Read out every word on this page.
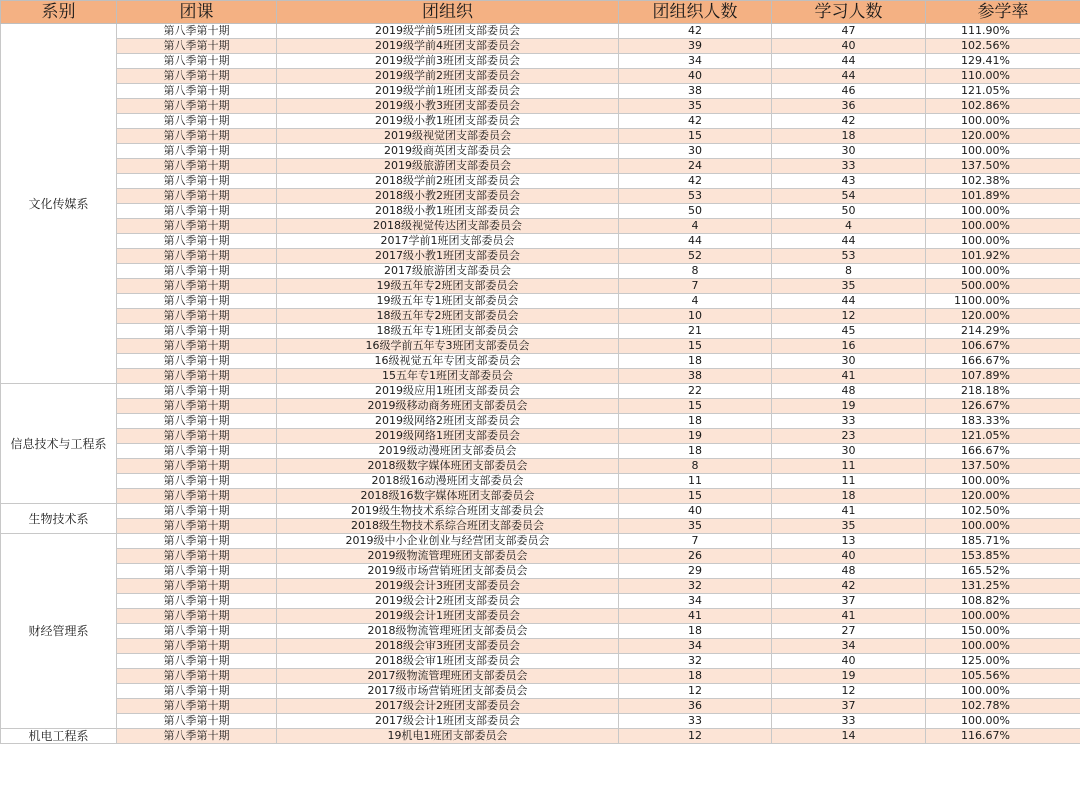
系别	团课	团组织	团组织人数	学习人数	参学率
文化传媒系	第八季第十期	2019级学前5班团支部委员会	42	47	111.90%
	第八季第十期	2019级学前4班团支部委员会	39	40	102.56%
	第八季第十期	2019级学前3班团支部委员会	34	44	129.41%
	第八季第十期	2019级学前2班团支部委员会	40	44	110.00%
	第八季第十期	2019级学前1班团支部委员会	38	46	121.05%
	第八季第十期	2019级小教3班团支部委员会	35	36	102.86%
	第八季第十期	2019级小教1班团支部委员会	42	42	100.00%
	第八季第十期	2019级视觉团支部委员会	15	18	120.00%
	第八季第十期	2019级商英团支部委员会	30	30	100.00%
	第八季第十期	2019级旅游团支部委员会	24	33	137.50%
	第八季第十期	2018级学前2班团支部委员会	42	43	102.38%
	第八季第十期	2018级小教2班团支部委员会	53	54	101.89%
	第八季第十期	2018级小教1班团支部委员会	50	50	100.00%
	第八季第十期	2018级视觉传达团支部委员会	4	4	100.00%
	第八季第十期	2017学前1班团支部委员会	44	44	100.00%
	第八季第十期	2017级小教1班团支部委员会	52	53	101.92%
	第八季第十期	2017级旅游团支部委员会	8	8	100.00%
	第八季第十期	19级五年专2班团支部委员会	7	35	500.00%
	第八季第十期	19级五年专1班团支部委员会	4	44	1100.00%
	第八季第十期	18级五年专2班团支部委员会	10	12	120.00%
	第八季第十期	18级五年专1班团支部委员会	21	45	214.29%
	第八季第十期	16级学前五年专3班团支部委员会	15	16	106.67%
	第八季第十期	16级视觉五年专团支部委员会	18	30	166.67%
	第八季第十期	15五年专1班团支部委员会	38	41	107.89%
信息技术与工程系	第八季第十期	2019级应用1班团支部委员会	22	48	218.18%
	第八季第十期	2019级移动商务班团支部委员会	15	19	126.67%
	第八季第十期	2019级网络2班团支部委员会	18	33	183.33%
	第八季第十期	2019级网络1班团支部委员会	19	23	121.05%
	第八季第十期	2019级动漫班团支部委员会	18	30	166.67%
	第八季第十期	2018级数字媒体班团支部委员会	8	11	137.50%
	第八季第十期	2018级16动漫班团支部委员会	11	11	100.00%
	第八季第十期	2018级16数字媒体班团支部委员会	15	18	120.00%
生物技术系	第八季第十期	2019级生物技术系综合班团支部委员会	40	41	102.50%
	第八季第十期	2018级生物技术系综合班团支部委员会	35	35	100.00%
财经管理系	第八季第十期	2019级中小企业创业与经营团支部委员会	7	13	185.71%
	第八季第十期	2019级物流管理班团支部委员会	26	40	153.85%
	第八季第十期	2019级市场营销班团支部委员会	29	48	165.52%
	第八季第十期	2019级会计3班团支部委员会	32	42	131.25%
	第八季第十期	2019级会计2班团支部委员会	34	37	108.82%
	第八季第十期	2019级会计1班团支部委员会	41	41	100.00%
	第八季第十期	2018级物流管理班团支部委员会	18	27	150.00%
	第八季第十期	2018级会审3班团支部委员会	34	34	100.00%
	第八季第十期	2018级会审1班团支部委员会	32	40	125.00%
	第八季第十期	2017级物流管理班团支部委员会	18	19	105.56%
	第八季第十期	2017级市场营销班团支部委员会	12	12	100.00%
	第八季第十期	2017级会计2班团支部委员会	36	37	102.78%
	第八季第十期	2017级会计1班团支部委员会	33	33	100.00%
机电工程系	第八季第十期	19机电1班团支部委员会	12	14	116.67%
